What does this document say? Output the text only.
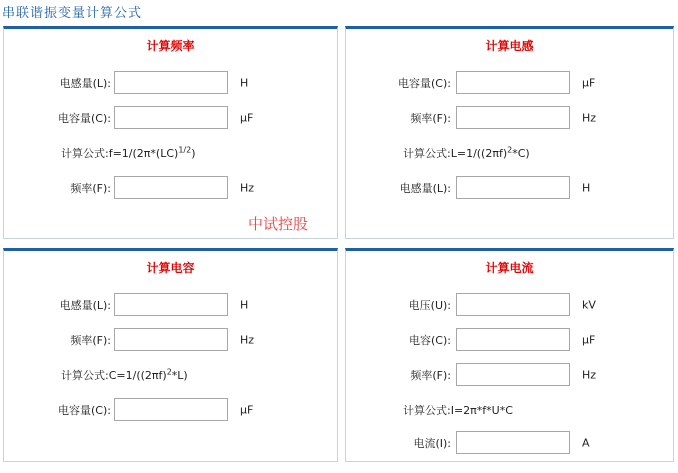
串联谐振变量计算公式
计算频率
电感量(L):	H
电容量(C):	μF
计算公式:f=1/(2π*(LC)$^{1/2}$)
频率(F):	Hz
中试控股
计算电感
电容量(C):	μF
频率(F):	Hz
计算公式$:L=1/((2\pi f)^2*C)$
电感量(L):	H
计算电容
电感量(L):	H
频率(F):	Hz
计算公式$:C=1/((2\pi f)^2*L)$
电容量(C):	μF
计算电流
电压(U):	kV
电容(C):	μF
频率(F):	Hz
计算公式:I=2π*f*U*C
电流(I):	A
